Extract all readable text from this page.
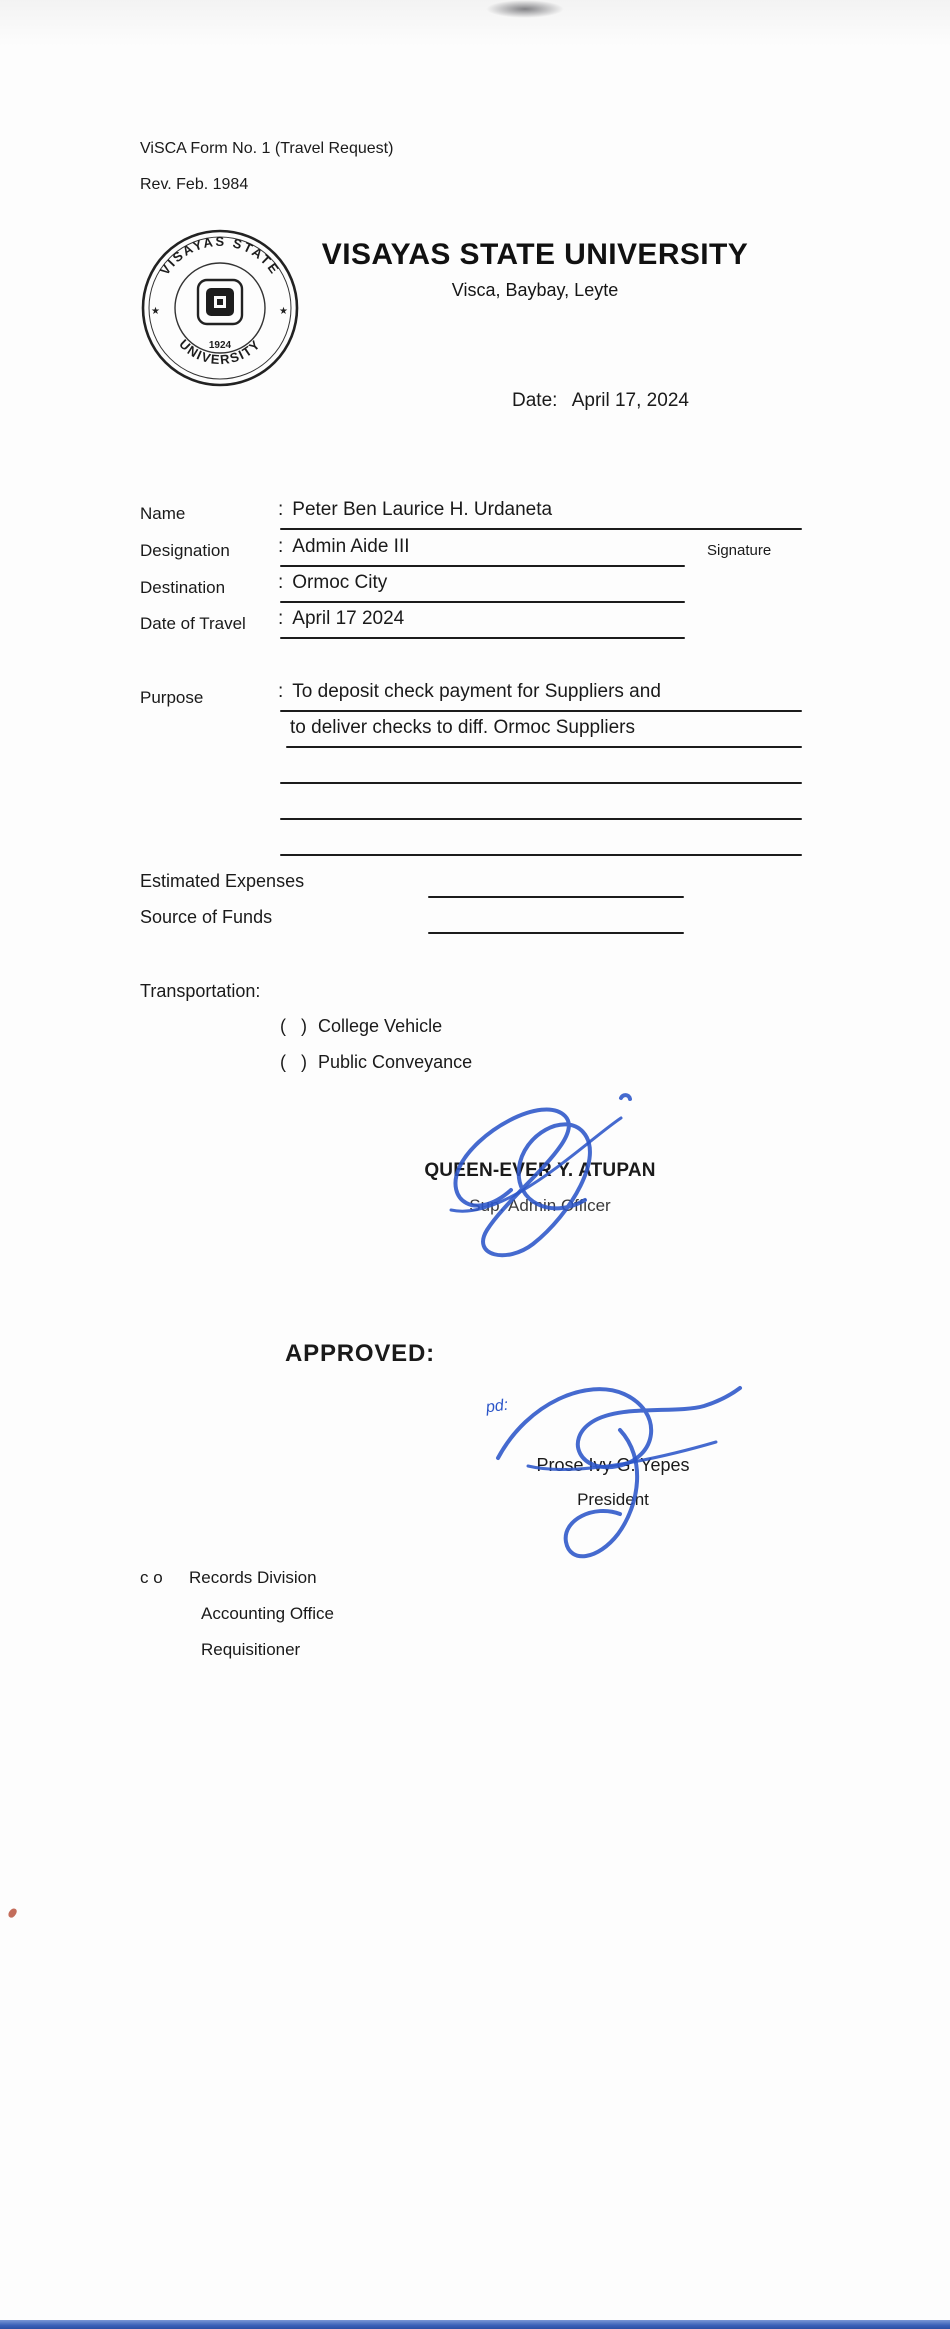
ViSCA Form No. 1 (Travel Request)
Rev. Feb. 1984
VISAYAS STATE
UNIVERSITY
★	★
1924
VISAYAS STATE UNIVERSITY
Visca, Baybay, Leyte
Date: April 17, 2024
Name	: Peter Ben Laurice H. Urdaneta
Designation	: Admin Aide III	Signature
Destination	: Ormoc City
Date of Travel : April 17 2024
Purpose	: To deposit check payment for Suppliers and
to deliver checks to diff. Ormoc Suppliers
Estimated Expenses
Source of Funds
Transportation:
(   ) College Vehicle
(   ) Public Conveyance
QUEEN-EVER Y. ATUPAN
Sup. Admin Officer
APPROVED:
pd:
Prose Ivy G. Yepes
President
c o Records Division
Accounting Office
Requisitioner
